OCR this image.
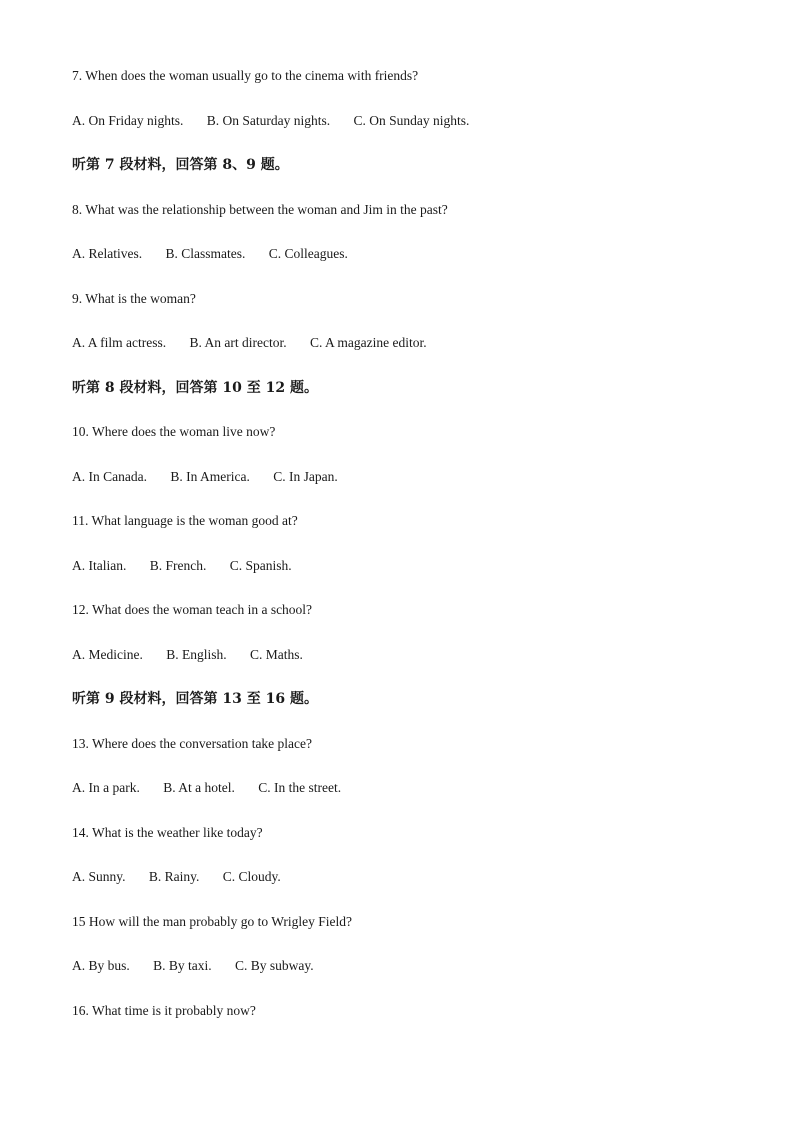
7. When does the woman usually go to the cinema with friends?
A. On Friday nights. B. On Saturday nights. C. On Sunday nights.
听第 7 段材料，回答第 8、9 题。
8. What was the relationship between the woman and Jim in the past?
A. Relatives. B. Classmates. C. Colleagues.
9. What is the woman?
A. A film actress. B. An art director. C. A magazine editor.
听第 8 段材料，回答第 10 至 12 题。
10. Where does the woman live now?
A. In Canada. B. In America. C. In Japan.
11. What language is the woman good at?
A. Italian. B. French. C. Spanish.
12. What does the woman teach in a school?
A. Medicine. B. English. C. Maths.
听第 9 段材料，回答第 13 至 16 题。
13. Where does the conversation take place?
A. In a park. B. At a hotel. C. In the street.
14. What is the weather like today?
A. Sunny. B. Rainy. C. Cloudy.
15 How will the man probably go to Wrigley Field?
A. By bus. B. By taxi. C. By subway.
16. What time is it probably now?
